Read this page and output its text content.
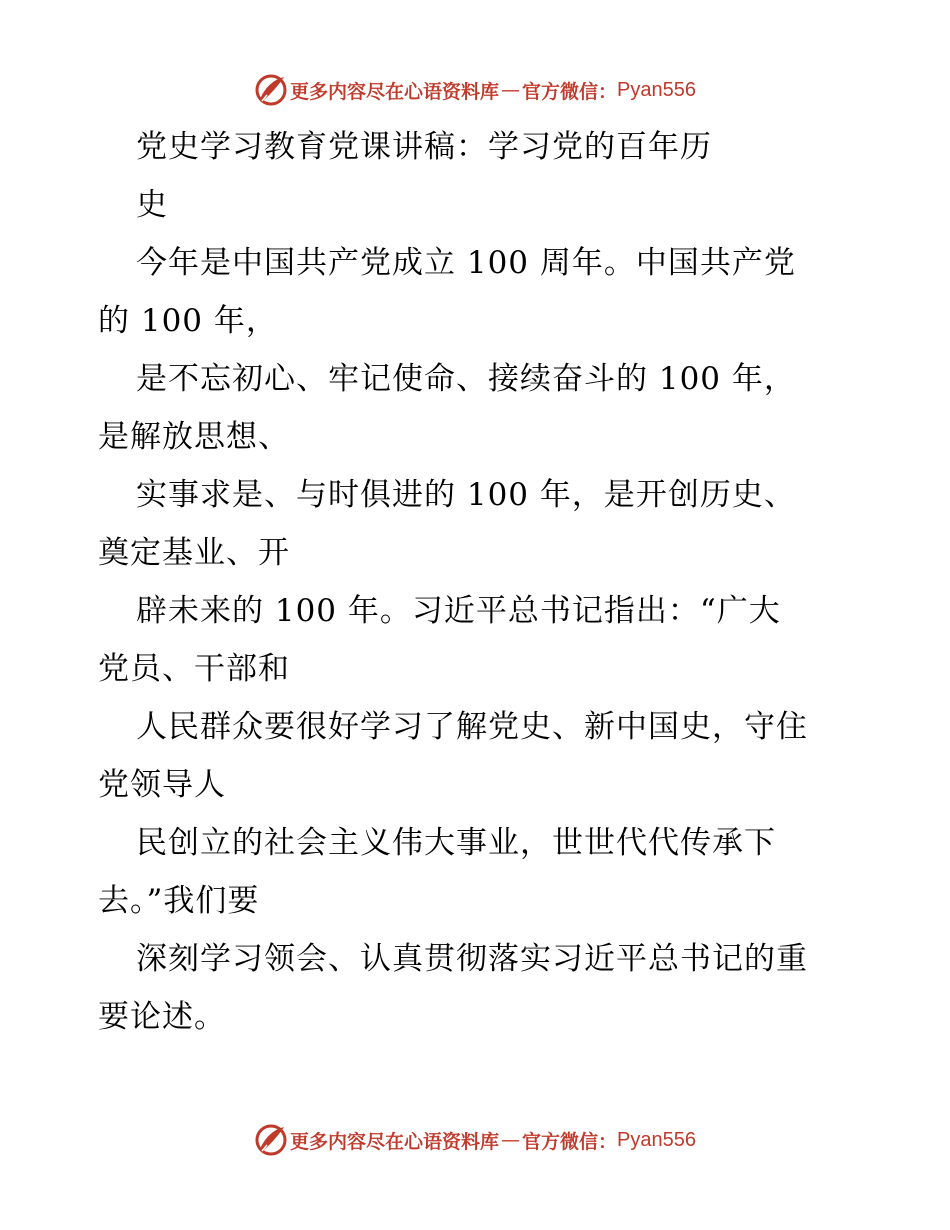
更多内容尽在心语资料库 — 官方微信： Pyan556
党史学习教育党课讲稿：学习党的百年历
史
今年是中国共产党成立 100 周年。中国共产党
的 100 年，
是不忘初心、牢记使命、接续奋斗的 100 年，
是解放思想、
实事求是、与时俱进的 100 年，是开创历史、
奠定基业、开
辟未来的 100 年。习近平总书记指出：“广大
党员、干部和
人民群众要很好学习了解党史、新中国史，守住
党领导人
民创立的社会主义伟大事业，世世代代传承下
去。”我们要
深刻学习领会、认真贯彻落实习近平总书记的重
要论述。
更多内容尽在心语资料库 — 官方微信： Pyan556
